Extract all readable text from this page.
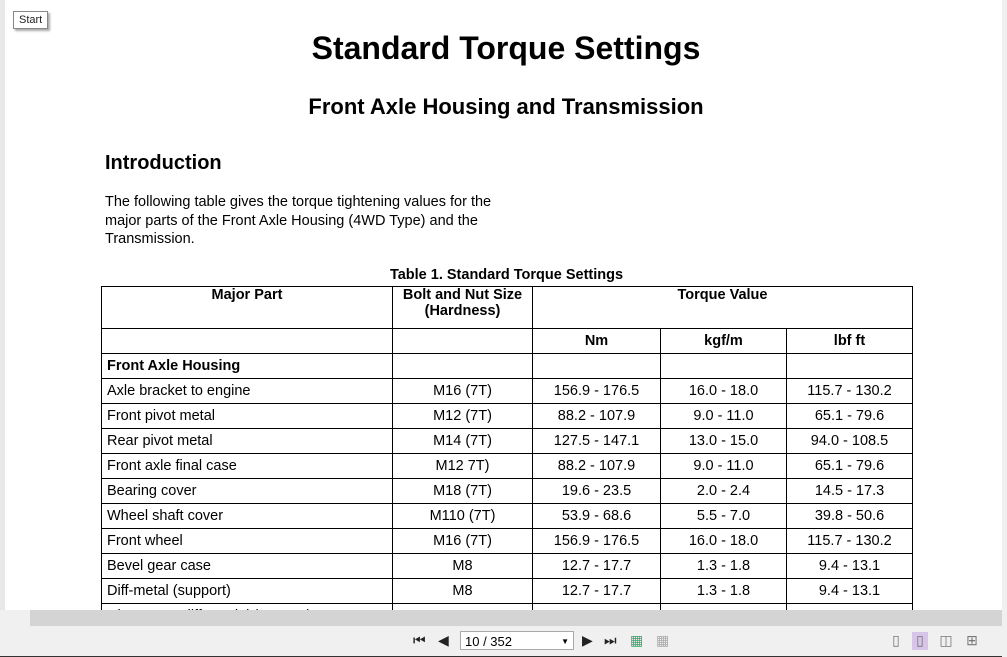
Start
Standard Torque Settings
Front Axle Housing and Transmission
Introduction

The following table gives the torque tightening values for the major parts of the Front Axle Housing (4WD Type) and the Transmission.

Table 1. Standard Torque Settings
Major Part	Bolt and Nut Size (Hardness)	Torque Value		
		Nm	kgf/m	lbf ft
Front Axle Housing				
Axle bracket to engine	M16 (7T)	156.9 - 176.5	16.0 - 18.0	115.7 - 130.2
Front pivot metal	M12 (7T)	88.2 - 107.9	9.0 - 11.0	65.1 - 79.6
Rear pivot metal	M14 (7T)	127.5 - 147.1	13.0 - 15.0	94.0 - 108.5
Front axle final case	M12 7T)	88.2 - 107.9	9.0 - 11.0	65.1 - 79.6
Bearing cover	M18 (7T)	19.6 - 23.5	2.0 - 2.4	14.5 - 17.3
Wheel shaft cover	M110 (7T)	53.9 - 68.6	5.5 - 7.0	39.8 - 50.6
Front wheel	M16 (7T)	156.9 - 176.5	16.0 - 18.0	115.7 - 130.2
Bevel gear case	M8	12.7 - 17.7	1.3 - 1.8	9.4 - 13.1
Diff-metal (support)	M8	12.7 - 17.7	1.3 - 1.8	9.4 - 13.1

⏮ ◀	10 / 352	▼ ▶ ⏭ ▦ ▦	▯ ▯ ◫ ⊞
